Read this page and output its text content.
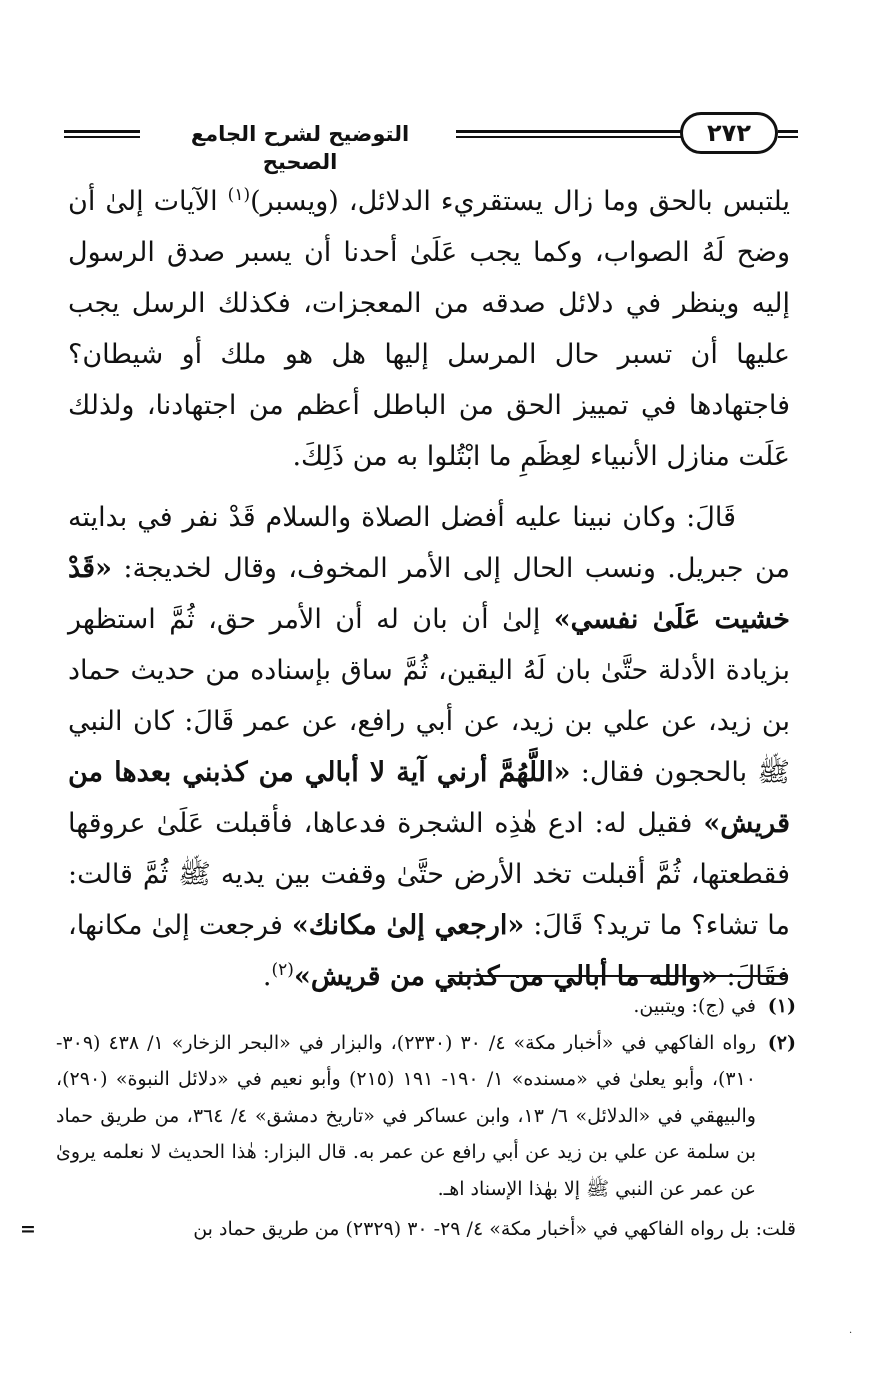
التوضيح لشرح الجامع الصحيح
٢٧٢

يلتبس بالحق وما زال يستقريء الدلائل، (ويسبر)$^{(١)}$ الآيات إلىٰ أن وضح لَهُ الصواب، وكما يجب عَلَىٰ أحدنا أن يسبر صدق الرسول إليه وينظر في دلائل صدقه من المعجزات، فكذلك الرسل يجب عليها أن تسبر حال المرسل إليها هل هو ملك أو شيطان؟ فاجتهادها في تمييز الحق من الباطل أعظم من اجتهادنا، ولذلك عَلَت منازل الأنبياء لعِظَمِ ما ابْتُلوا به من ذَلِكَ.

قَالَ: وكان نبينا عليه أفضل الصلاة والسلام قَدْ نفر في بدايته من جبريل. ونسب الحال إلى الأمر المخوف، وقال لخديجة: «قَدْ خشيت عَلَىٰ نفسي» إلىٰ أن بان له أن الأمر حق، ثُمَّ استظهر بزيادة الأدلة حتَّىٰ بان لَهُ اليقين، ثُمَّ ساق بإسناده من حديث حماد بن زيد، عن علي بن زيد، عن أبي رافع، عن عمر قَالَ: كان النبي ﷺ بالحجون فقال: «اللَّهُمَّ أرني آية لا أبالي من كذبني بعدها من قريش» فقيل له: ادع هٰذِه الشجرة فدعاها، فأقبلت عَلَىٰ عروقها فقطعتها، ثُمَّ أقبلت تخد الأرض حتَّىٰ وقفت بين يديه ﷺ ثُمَّ قالت: ما تشاء؟ ما تريد؟ قَالَ: «ارجعي إلىٰ مكانك» فرجعت إلىٰ مكانها، فقَالَ: «والله ما أبالي من كذبني من قريش»$^{(٢)}$.

(١)
في (ج): ويتبين.
(٢)
رواه الفاكهي في «أخبار مكة» ٤/ ٣٠ (٢٣٣٠)، والبزار في «البحر الزخار» ١/ ٤٣٨ (٣٠٩- ٣١٠)، وأبو يعلىٰ في «مسنده» ١/ ١٩٠- ١٩١ (٢١٥) وأبو نعيم في «دلائل النبوة» (٢٩٠)، والبيهقي في «الدلائل» ٦/ ١٣، وابن عساكر في «تاريخ دمشق» ٤/ ٣٦٤، من طريق حماد بن سلمة عن علي بن زيد عن أبي رافع عن عمر به. قال البزار: هٰذا الحديث لا نعلمه يروىٰ عن عمر عن النبي ﷺ إلا بهٰذا الإسناد اهـ.
قلت: بل رواه الفاكهي في «أخبار مكة» ٤/ ٢٩- ٣٠ (٢٣٢٩) من طريق حماد بن
=
·
